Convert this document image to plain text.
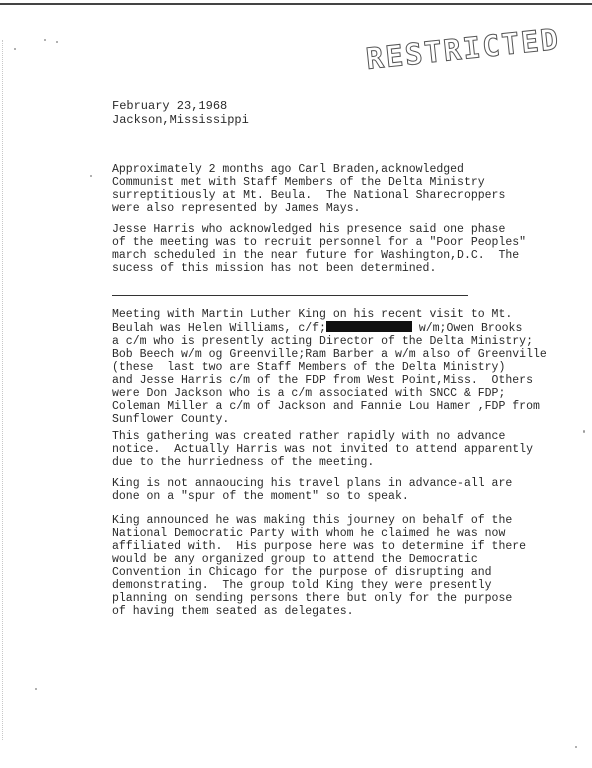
RESTRICTED
February 23,1968
Jackson,Mississippi
Approximately 2 months ago Carl Braden,acknowledged
Communist met with Staff Members of the Delta Ministry
surreptitiously at Mt. Beula.  The National Sharecroppers
were also represented by James Mays.
Jesse Harris who acknowledged his presence said one phase
of the meeting was to recruit personnel for a "Poor Peoples"
march scheduled in the near future for Washington,D.C.  The
sucess of this mission has not been determined.
Meeting with Martin Luther King on his recent visit to Mt.
Beulah was Helen Williams, c/f;	w/m;Owen Brooks
a c/m who is presently acting Director of the Delta Ministry;
Bob Beech w/m og Greenville;Ram Barber a w/m also of Greenville
(these  last two are Staff Members of the Delta Ministry)
and Jesse Harris c/m of the FDP from West Point,Miss.  Others
were Don Jackson who is a c/m associated with SNCC & FDP;
Coleman Miller a c/m of Jackson and Fannie Lou Hamer ,FDP from
Sunflower County.
This gathering was created rather rapidly with no advance
notice.  Actually Harris was not invited to attend apparently
due to the hurriedness of the meeting.
King is not annaoucing his travel plans in advance-all are
done on a "spur of the moment" so to speak.
King announced he was making this journey on behalf of the
National Democratic Party with whom he claimed he was now
affiliated with.  His purpose here was to determine if there
would be any organized group to attend the Democratic
Convention in Chicago for the purpose of disrupting and
demonstrating.  The group told King they were presently
planning on sending persons there but only for the purpose
of having them seated as delegates.
